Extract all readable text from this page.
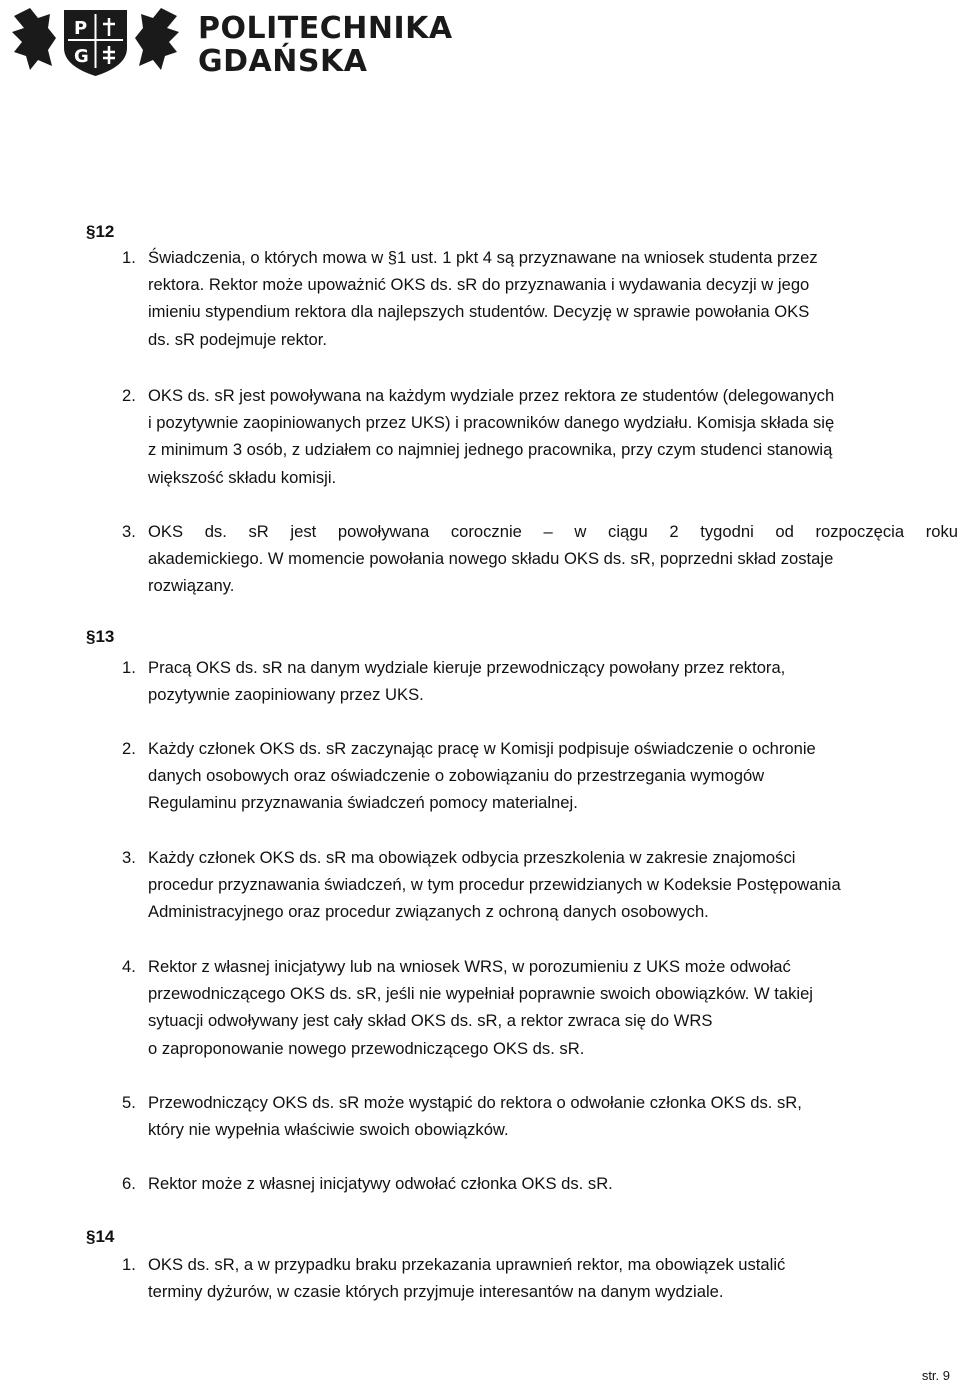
P
G
POLITECHNIKA
GDAŃSKA
§12
1. Świadczenia, o których mowa w §1 ust. 1 pkt 4 są przyznawane na wniosek studenta przez
rektora. Rektor może upoważnić OKS ds. sR do przyznawania i wydawania decyzji w jego
imieniu stypendium rektora dla najlepszych studentów. Decyzję w sprawie powołania OKS
ds. sR podejmuje rektor.
2. OKS ds. sR jest powoływana na każdym wydziale przez rektora ze studentów (delegowanych
i pozytywnie zaopiniowanych przez UKS) i pracowników danego wydziału. Komisja składa się
z minimum 3 osób, z udziałem co najmniej jednego pracownika, przy czym studenci stanowią
większość składu komisji.
3. OKS ds. sR jest powoływana corocznie – w ciągu 2 tygodni od rozpoczęcia roku
akademickiego. W momencie powołania nowego składu OKS ds. sR, poprzedni skład zostaje
rozwiązany.
§13
1. Pracą OKS ds. sR na danym wydziale kieruje przewodniczący powołany przez rektora,
pozytywnie zaopiniowany przez UKS.
2. Każdy członek OKS ds. sR zaczynając pracę w Komisji podpisuje oświadczenie o ochronie
danych osobowych oraz oświadczenie o zobowiązaniu do przestrzegania wymogów
Regulaminu przyznawania świadczeń pomocy materialnej.
3. Każdy członek OKS ds. sR ma obowiązek odbycia przeszkolenia w zakresie znajomości
procedur przyznawania świadczeń, w tym procedur przewidzianych w Kodeksie Postępowania
Administracyjnego oraz procedur związanych z ochroną danych osobowych.
4. Rektor z własnej inicjatywy lub na wniosek WRS, w porozumieniu z UKS może odwołać
przewodniczącego OKS ds. sR, jeśli nie wypełniał poprawnie swoich obowiązków. W takiej
sytuacji odwoływany jest cały skład OKS ds. sR, a rektor zwraca się do WRS
o zaproponowanie nowego przewodniczącego OKS ds. sR.
5. Przewodniczący OKS ds. sR może wystąpić do rektora o odwołanie członka OKS ds. sR,
który nie wypełnia właściwie swoich obowiązków.
6. Rektor może z własnej inicjatywy odwołać członka OKS ds. sR.
§14
1. OKS ds. sR, a w przypadku braku przekazania uprawnień rektor, ma obowiązek ustalić
terminy dyżurów, w czasie których przyjmuje interesantów na danym wydziale.
str. 9
